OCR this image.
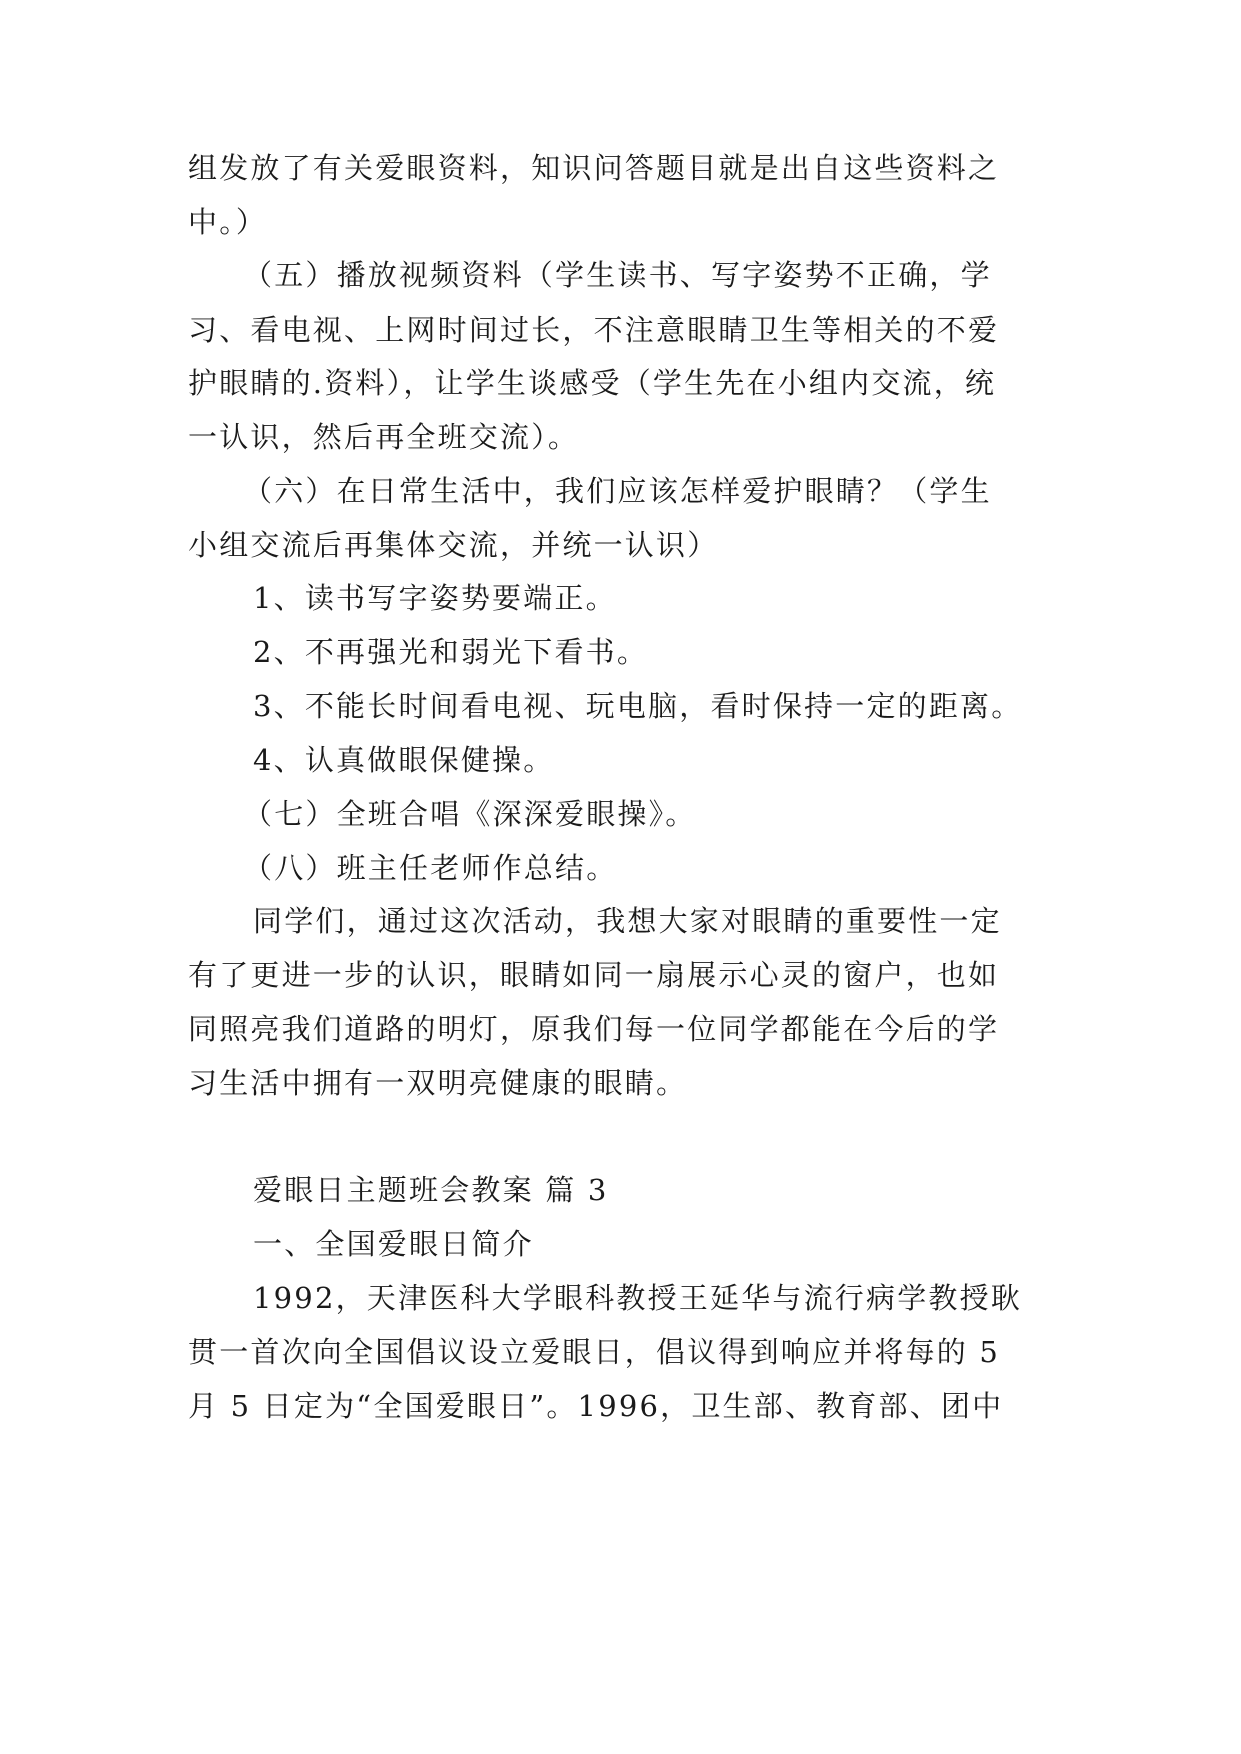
组发放了有关爱眼资料，知识问答题目就是出自这些资料之
中。）
（五）播放视频资料（学生读书、写字姿势不正确，学
习、看电视、上网时间过长，不注意眼睛卫生等相关的不爱
护眼睛的.资料），让学生谈感受（学生先在小组内交流，统
一认识，然后再全班交流）。
（六）在日常生活中，我们应该怎样爱护眼睛？（学生
小组交流后再集体交流，并统一认识）
1、读书写字姿势要端正。
2、不再强光和弱光下看书。
3、不能长时间看电视、玩电脑，看时保持一定的距离。
4、认真做眼保健操。
（七）全班合唱《深深爱眼操》。
（八）班主任老师作总结。
同学们，通过这次活动，我想大家对眼睛的重要性一定
有了更进一步的认识，眼睛如同一扇展示心灵的窗户，也如
同照亮我们道路的明灯，原我们每一位同学都能在今后的学
习生活中拥有一双明亮健康的眼睛。
爱眼日主题班会教案 篇 3
一、全国爱眼日简介
1992，天津医科大学眼科教授王延华与流行病学教授耿
贯一首次向全国倡议设立爱眼日，倡议得到响应并将每的 5
月 5 日定为“全国爱眼日”。1996，卫生部、教育部、团中
